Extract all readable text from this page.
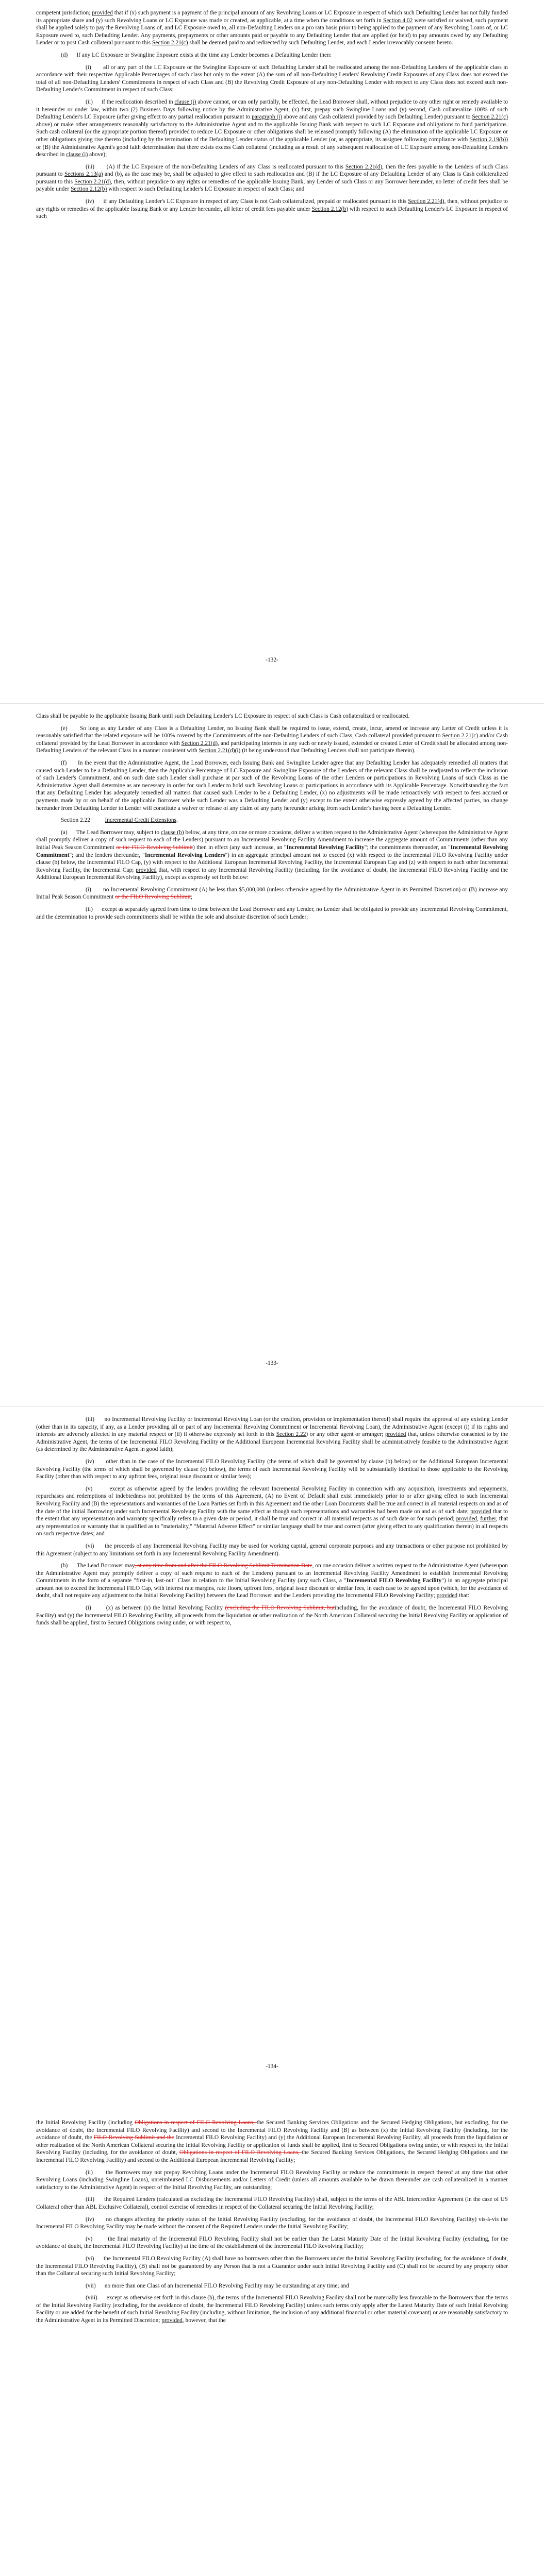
competent jurisdiction; provided that if (x) such payment is a payment of the principal amount of any Revolving Loans or LC Exposure in respect of which such Defaulting Lender has not fully funded its appropriate share and (y) such Revolving Loans or LC Exposure was made or created, as applicable, at a time when the conditions set forth in Section 4.02 were satisfied or waived, such payment shall be applied solely to pay the Revolving Loans of, and LC Exposure owed to, all non-Defaulting Lenders on a pro rata basis prior to being applied to the payment of any Revolving Loans of, or LC Exposure owed to, such Defaulting Lender. Any payments, prepayments or other amounts paid or payable to any Defaulting Lender that are applied (or held) to pay amounts owed by any Defaulting Lender or to post Cash collateral pursuant to this Section 2.21(c) shall be deemed paid to and redirected by such Defaulting Lender, and each Lender irrevocably consents hereto.

(d)      If any LC Exposure or Swingline Exposure exists at the time any Lender becomes a Defaulting Lender then:

(i)       all or any part of the LC Exposure or the Swingline Exposure of such Defaulting Lender shall be reallocated among the non-Defaulting Lenders of the applicable class in accordance with their respective Applicable Percentages of such class but only to the extent (A) the sum of all non-Defaulting Lenders' Revolving Credit Exposures of any Class does not exceed the total of all non-Defaulting Lenders' Commitments in respect of such Class and (B) the Revolving Credit Exposure of any non-Defaulting Lender with respect to any Class does not exceed such non-Defaulting Lender's Commitment in respect of such Class;

(ii)      if the reallocation described in clause (i) above cannot, or can only partially, be effected, the Lead Borrower shall, without prejudice to any other right or remedy available to it hereunder or under law, within two (2) Business Days following notice by the Administrative Agent, (x) first, prepay such Swingline Loans and (y) second, Cash collateralize 100% of such Defaulting Lender's LC Exposure (after giving effect to any partial reallocation pursuant to paragraph (i) above and any Cash collateral provided by such Defaulting Lender) pursuant to Section 2.21(c) above) or make other arrangements reasonably satisfactory to the Administrative Agent and to the applicable Issuing Bank with respect to such LC Exposure and obligations to fund participations. Such cash collateral (or the appropriate portion thereof) provided to reduce LC Exposure or other obligations shall be released promptly following (A) the elimination of the applicable LC Exposure or other obligations giving rise thereto (including by the termination of the Defaulting Lender status of the applicable Lender (or, as appropriate, its assignee following compliance with Section 2.19(b)) or (B) the Administrative Agent's good faith determination that there exists excess Cash collateral (including as a result of any subsequent reallocation of LC Exposure among non-Defaulting Lenders described in clause (i) above);

(iii)      (A) if the LC Exposure of the non-Defaulting Lenders of any Class is reallocated pursuant to this Section 2.21(d), then the fees payable to the Lenders of such Class pursuant to Sections 2.13(a) and (b), as the case may be, shall be adjusted to give effect to such reallocation and (B) if the LC Exposure of any Defaulting Lender of any Class is Cash collateralized pursuant to this Section 2.21(d), then, without prejudice to any rights or remedies of the applicable Issuing Bank, any Lender of such Class or any Borrower hereunder, no letter of credit fees shall be payable under Section 2.12(b) with respect to such Defaulting Lender's LC Exposure in respect of such Class; and

(iv)      if any Defaulting Lender's LC Exposure in respect of any Class is not Cash collateralized, prepaid or reallocated pursuant to this Section 2.21(d), then, without prejudice to any rights or remedies of the applicable Issuing Bank or any Lender hereunder, all letter of credit fees payable under Section 2.12(b) with respect to such Defaulting Lender's LC Exposure in respect of such

-132-

Class shall be payable to the applicable Issuing Bank until such Defaulting Lender's LC Exposure in respect of such Class is Cash collateralized or reallocated.

(e)      So long as any Lender of any Class is a Defaulting Lender, no Issuing Bank shall be required to issue, extend, create, incur, amend or increase any Letter of Credit unless it is reasonably satisfied that the related exposure will be 100% covered by the Commitments of the non-Defaulting Lenders of such Class, Cash collateral provided pursuant to Section 2.21(c) and/or Cash collateral provided by the Lead Borrower in accordance with Section 2.21(d), and participating interests in any such or newly issued, extended or created Letter of Credit shall be allocated among non-Defaulting Lenders of the relevant Class in a manner consistent with Section 2.21(d)(i) (it being understood that Defaulting Lenders shall not participate therein).

(f)      In the event that the Administrative Agent, the Lead Borrower, each Issuing Bank and Swingline Lender agree that any Defaulting Lender has adequately remedied all matters that caused such Lender to be a Defaulting Lender, then the Applicable Percentage of LC Exposure and Swingline Exposure of the Lenders of the relevant Class shall be readjusted to reflect the inclusion of such Lender's Commitment, and on such date such Lender shall purchase at par such of the Revolving Loans of the other Lenders or participations in Revolving Loans of such Class as the Administrative Agent shall determine as are necessary in order for such Lender to hold such Revolving Loans or participations in accordance with its Applicable Percentage. Notwithstanding the fact that any Defaulting Lender has adequately remedied all matters that caused such Lender to be a Defaulting Lender, (x) no adjustments will be made retroactively with respect to fees accrued or payments made by or on behalf of the applicable Borrower while such Lender was a Defaulting Lender and (y) except to the extent otherwise expressly agreed by the affected parties, no change hereunder from Defaulting Lender to Lender will constitute a waiver or release of any claim of any party hereunder arising from such Lender's having been a Defaulting Lender.

Section 2.22          Incremental Credit Extensions.

(a)      The Lead Borrower may, subject to clause (b) below, at any time, on one or more occasions, deliver a written request to the Administrative Agent (whereupon the Administrative Agent shall promptly deliver a copy of such request to each of the Lenders) pursuant to an Incremental Revolving Facility Amendment to increase the aggregate amount of Commitments (other than any Initial Peak Season Commitment or the FILO Revolving Sublimit) then in effect (any such increase, an "Incremental Revolving Facility"; the commitments thereunder, an "Incremental Revolving Commitment"; and the lenders thereunder, "Incremental Revolving Lenders") in an aggregate principal amount not to exceed (x) with respect to the Incremental FILO Revolving Facility under clause (b) below, the Incremental FILO Cap, (y) with respect to the Additional European Incremental Revolving Facility, the Incremental European Cap and (z) with respect to each other Incremental Revolving Facility, the Incremental Cap; provided that, with respect to any Incremental Revolving Facility (including, for the avoidance of doubt, the Incremental FILO Revolving Facility and the Additional European Incremental Revolving Facility), except as expressly set forth below:

(i)       no Incremental Revolving Commitment (A) be less than $5,000,000 (unless otherwise agreed by the Administrative Agent in its Permitted Discretion) or (B) increase any Initial Peak Season Commitment or the FILO Revolving Sublimit;

(ii)      except as separately agreed from time to time between the Lead Borrower and any Lender, no Lender shall be obligated to provide any Incremental Revolving Commitment, and the determination to provide such commitments shall be within the sole and absolute discretion of such Lender;

-133-

(iii)      no Incremental Revolving Facility or Incremental Revolving Loan (or the creation, provision or implementation thereof) shall require the approval of any existing Lender (other than in its capacity, if any, as a Lender providing all or part of any Incremental Revolving Commitment or Incremental Revolving Loan), the Administrative Agent (except (i) if its rights and interests are adversely affected in any material respect or (ii) if otherwise expressly set forth in this Section 2.22) or any other agent or arranger; provided that, unless otherwise consented to by the Administrative Agent, the terms of the Incremental FILO Revolving Facility or the Additional European Incremental Revolving Facility shall be administratively feasible to the Administrative Agent (as determined by the Administrative Agent in good faith);

(iv)      other than in the case of the Incremental FILO Revolving Facility (the terms of which shall be governed by clause (b) below) or the Additional European Incremental Revolving Facility (the terms of which shall be governed by clause (c) below), the terms of each Incremental Revolving Facility will be substantially identical to those applicable to the Revolving Facility (other than with respect to any upfront fees, original issue discount or similar fees);

(v)       except as otherwise agreed by the lenders providing the relevant Incremental Revolving Facility in connection with any acquisition, investments and repayments, repurchases and redemptions of indebtedness not prohibited by the terms of this Agreement, (A) no Event of Default shall exist immediately prior to or after giving effect to such Incremental Revolving Facility and (B) the representations and warranties of the Loan Parties set forth in this Agreement and the other Loan Documents shall be true and correct in all material respects on and as of the date of the initial Borrowing under such Incremental Revolving Facility with the same effect as though such representations and warranties had been made on and as of such date; provided that to the extent that any representation and warranty specifically refers to a given date or period, it shall be true and correct in all material respects as of such date or for such period; provided, further, that any representation or warranty that is qualified as to "materiality," "Material Adverse Effect" or similar language shall be true and correct (after giving effect to any qualification therein) in all respects on such respective dates; and

(vi)      the proceeds of any Incremental Revolving Facility may be used for working capital, general corporate purposes and any transactions or other purpose not prohibited by this Agreement (subject to any limitations set forth in any Incremental Revolving Facility Amendment).

(b)      The Lead Borrower may, at any time from and after the FILO Revolving Sublimit Termination Date, on one occasion deliver a written request to the Administrative Agent (whereupon the Administrative Agent may promptly deliver a copy of such request to each of the Lenders) pursuant to an Incremental Revolving Facility Amendment to establish Incremental Revolving Commitments in the form of a separate "first-in, last-out" Class in relation to the Initial Revolving Facility (any such Class, a "Incremental FILO Revolving Facility") in an aggregate principal amount not to exceed the Incremental FILO Cap, with interest rate margins, rate floors, upfront fees, original issue discount or similar fees, in each case to be agreed upon (which, for the avoidance of doubt, shall not require any adjustment to the Initial Revolving Facility) between the Lead Borrower and the Lenders providing the Incremental FILO Revolving Facility; provided that:

(i)       (x) as between (x) the Initial Revolving Facility (excluding the FILO Revolving Sublimit, butincluding, for the avoidance of doubt, the Incremental FILO Revolving Facility) and (y) the Incremental FILO Revolving Facility, all proceeds from the liquidation or other realization of the North American Collateral securing the Initial Revolving Facility or application of funds shall be applied, first to Secured Obligations owing under, or with respect to,

-134-

the Initial Revolving Facility (including Obligations in respect of FILO Revolving Loans, the Secured Banking Services Obligations and the Secured Hedging Obligations, but excluding, for the avoidance of doubt, the Incremental FILO Revolving Facility) and second to the Incremental FILO Revolving Facility and (B) as between (x) the Initial Revolving Facility (including, for the avoidance of doubt, the FILO Revolving Sublimit and the Incremental FILO Revolving Facility) and (y) the Additional European Incremental Revolving Facility, all proceeds from the liquidation or other realization of the North American Collateral securing the Initial Revolving Facility or application of funds shall be applied, first to Secured Obligations owing under, or with respect to, the Initial Revolving Facility (including, for the avoidance of doubt, Obligations in respect of FILO Revolving Loans, the Secured Banking Services Obligations, the Secured Hedging Obligations and the Incremental FILO Revolving Facility) and second to the Additional European Incremental Revolving Facility;

(ii)      the Borrowers may not prepay Revolving Loans under the Incremental FILO Revolving Facility or reduce the commitments in respect thereof at any time that other Revolving Loans (including Swingline Loans), unreimbursed LC Disbursements and/or Letters of Credit (unless all amounts available to be drawn thereunder are cash collateralized in a manner satisfactory to the Administrative Agent) in respect of the Initial Revolving Facility, are outstanding;

(iii)      the Required Lenders (calculated as excluding the Incremental FILO Revolving Facility) shall, subject to the terms of the ABL Intercreditor Agreement (in the case of US Collateral other than ABL Exclusive Collateral), control exercise of remedies in respect of the Collateral securing the Initial Revolving Facility;

(iv)      no changes affecting the priority status of the Initial Revolving Facility (excluding, for the avoidance of doubt, the Incremental FILO Revolving Facility) vis-à-vis the Incremental FILO Revolving Facility may be made without the consent of the Required Lenders under the Initial Revolving Facility;

(v)       the final maturity of the Incremental FILO Revolving Facility shall not be earlier than the Latest Maturity Date of the Initial Revolving Facility (excluding, for the avoidance of doubt, the Incremental FILO Revolving Facility) at the time of the establishment of the Incremental FILO Revolving Facility;

(vi)      the Incremental FILO Revolving Facility (A) shall have no borrowers other than the Borrowers under the Initial Revolving Facility (excluding, for the avoidance of doubt, the Incremental FILO Revolving Facility), (B) shall not be guaranteed by any Person that is not a Guarantor under such Initial Revolving Facility and (C) shall not be secured by any property other than the Collateral securing such Initial Revolving Facility;

(vii)      no more than one Class of an Incremental FILO Revolving Facility may be outstanding at any time; and

(viii)      except as otherwise set forth in this clause (b), the terms of the Incremental FILO Revolving Facility shall not be materially less favorable to the Borrowers than the terms of the Initial Revolving Facility (excluding, for the avoidance of doubt, the Incremental FILO Revolving Facility) unless such terms only apply after the Latest Maturity Date of such Initial Revolving Facility or are added for the benefit of such Initial Revolving Facility (including, without limitation, the inclusion of any additional financial or other material covenant) or are reasonably satisfactory to the Administrative Agent in its Permitted Discretion; provided, however, that the
